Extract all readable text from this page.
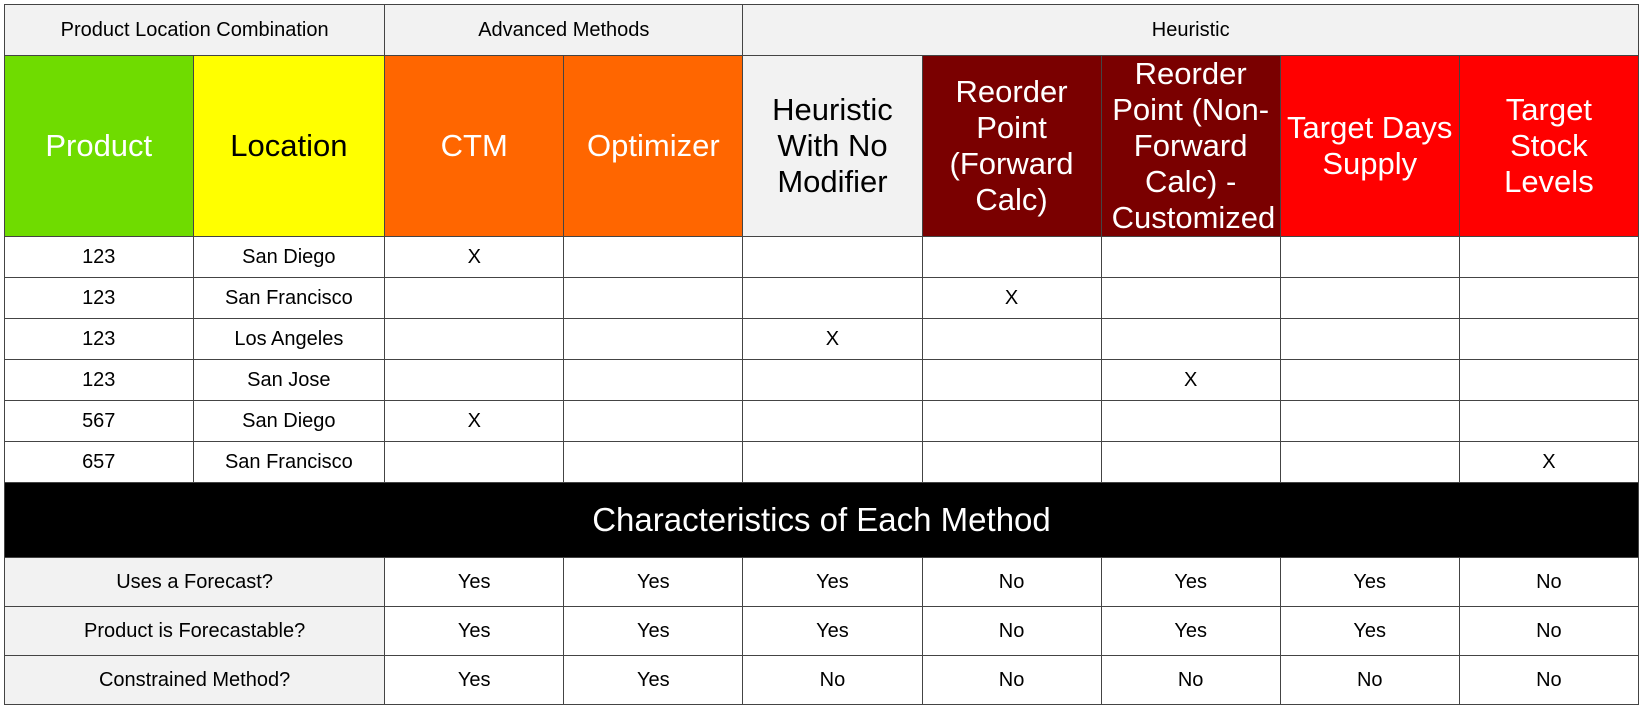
Product Location Combination		Advanced Methods		Heuristic				
Product	Location	CTM	Optimizer	Heuristic With No Modifier	Reorder Point (Forward Calc)	Reorder Point (Non-Forward Calc) - Customized	Target Days Supply	Target Stock Levels
123	San Diego	X						
123	San Francisco				X			
123	Los Angeles			X				
123	San Jose					X		
567	San Diego	X						
657	San Francisco							X
Characteristics of Each Method								
Uses a Forecast?		Yes	Yes	Yes	No	Yes	Yes	No
Product is Forecastable?		Yes	Yes	Yes	No	Yes	Yes	No
Constrained Method?		Yes	Yes	No	No	No	No	No
